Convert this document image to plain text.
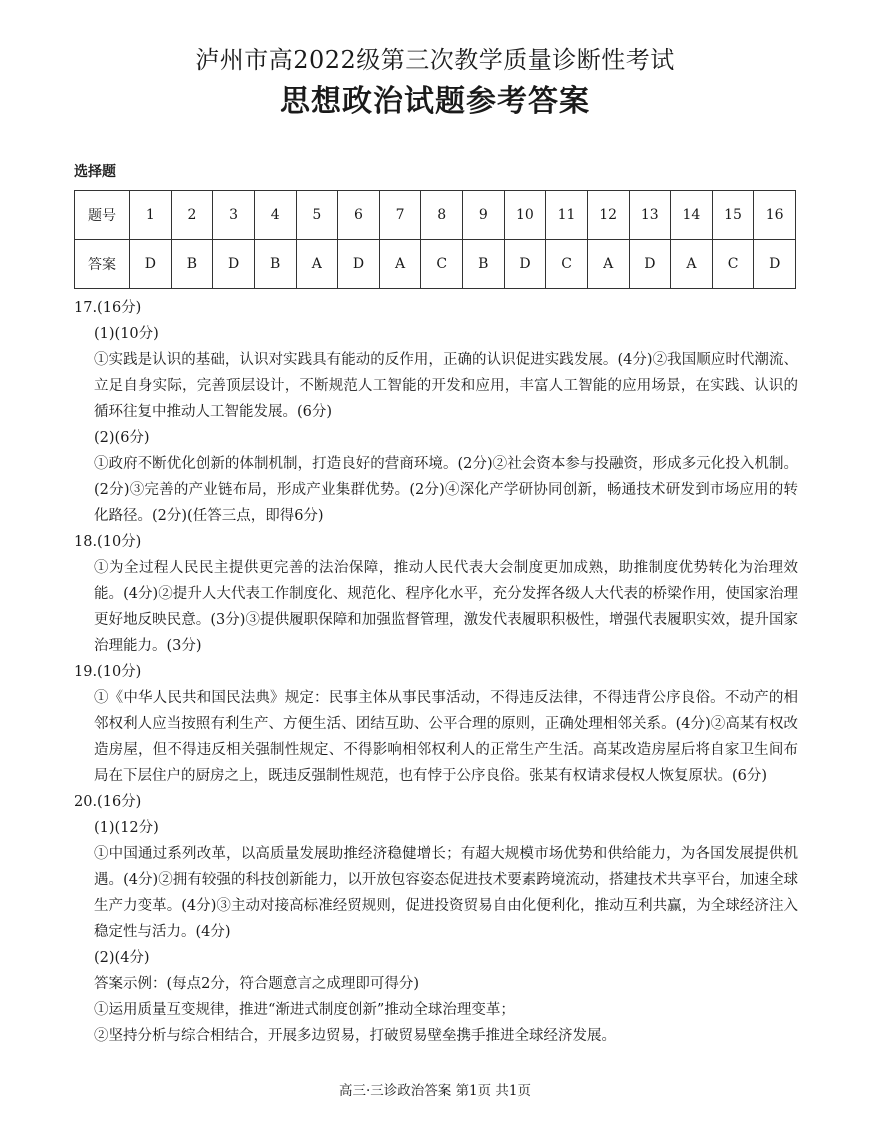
泸州市高2022级第三次教学质量诊断性考试
思想政治试题参考答案
选择题
题号	1	2	3	4	5	6	7	8	9	10	11	12	13	14	15	16
答案	D	B	D	B	A	D	A	C	B	D	C	A	D	A	C	D
17.(16分)
(1)(10分)
①实践是认识的基础，认识对实践具有能动的反作用，正确的认识促进实践发展。(4分)②我国顺应时代潮流、立足自身实际，完善顶层设计，不断规范人工智能的开发和应用，丰富人工智能的应用场景，在实践、认识的循环往复中推动人工智能发展。(6分)
(2)(6分)
①政府不断优化创新的体制机制，打造良好的营商环境。(2分)②社会资本参与投融资，形成多元化投入机制。(2分)③完善的产业链布局，形成产业集群优势。(2分)④深化产学研协同创新，畅通技术研发到市场应用的转化路径。(2分)(任答三点，即得6分)
18.(10分)
①为全过程人民民主提供更完善的法治保障，推动人民代表大会制度更加成熟，助推制度优势转化为治理效能。(4分)②提升人大代表工作制度化、规范化、程序化水平，充分发挥各级人大代表的桥梁作用，使国家治理更好地反映民意。(3分)③提供履职保障和加强监督管理，激发代表履职积极性，增强代表履职实效，提升国家治理能力。(3分)
19.(10分)
①《中华人民共和国民法典》规定：民事主体从事民事活动，不得违反法律，不得违背公序良俗。不动产的相邻权利人应当按照有利生产、方便生活、团结互助、公平合理的原则，正确处理相邻关系。(4分)②高某有权改造房屋，但不得违反相关强制性规定、不得影响相邻权利人的正常生产生活。高某改造房屋后将自家卫生间布局在下层住户的厨房之上，既违反强制性规范，也有悖于公序良俗。张某有权请求侵权人恢复原状。(6分)
20.(16分)
(1)(12分)
①中国通过系列改革，以高质量发展助推经济稳健增长；有超大规模市场优势和供给能力，为各国发展提供机遇。(4分)②拥有较强的科技创新能力，以开放包容姿态促进技术要素跨境流动，搭建技术共享平台，加速全球生产力变革。(4分)③主动对接高标准经贸规则，促进投资贸易自由化便利化，推动互利共赢，为全球经济注入稳定性与活力。(4分)
(2)(4分)
答案示例：(每点2分，符合题意言之成理即可得分)
①运用质量互变规律，推进“渐进式制度创新”推动全球治理变革；
②坚持分析与综合相结合，开展多边贸易，打破贸易壁垒携手推进全球经济发展。
高三·三诊政治答案 第1页 共1页
